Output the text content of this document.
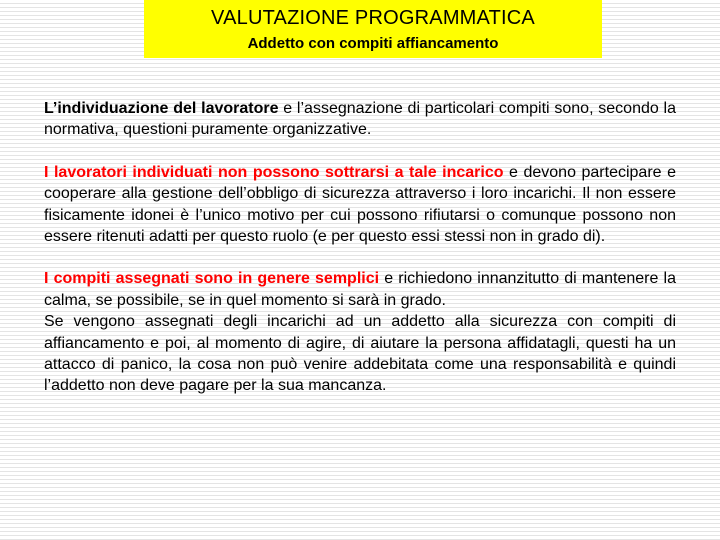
VALUTAZIONE PROGRAMMATICA
Addetto con compiti affiancamento

L’individuazione del lavoratore e l’assegnazione di particolari compiti sono, secondo la normativa, questioni puramente organizzative.

I lavoratori individuati non possono sottrarsi a tale incarico e devono partecipare e cooperare alla gestione dell’obbligo di sicurezza attraverso i loro incarichi. Il non essere fisicamente idonei è l’unico motivo per cui possono rifiutarsi o comunque possono non essere ritenuti adatti per questo ruolo (e per questo essi stessi non in grado di).

I compiti assegnati sono in genere semplici e richiedono innanzitutto di mantenere la calma, se possibile, se in quel momento si sarà in grado.

Se vengono assegnati degli incarichi ad un addetto alla sicurezza con compiti di affiancamento e poi, al momento di agire, di aiutare la persona affidatagli, questi ha un attacco di panico, la cosa non può venire addebitata come una responsabilità e quindi l’addetto non deve pagare per la sua mancanza.
